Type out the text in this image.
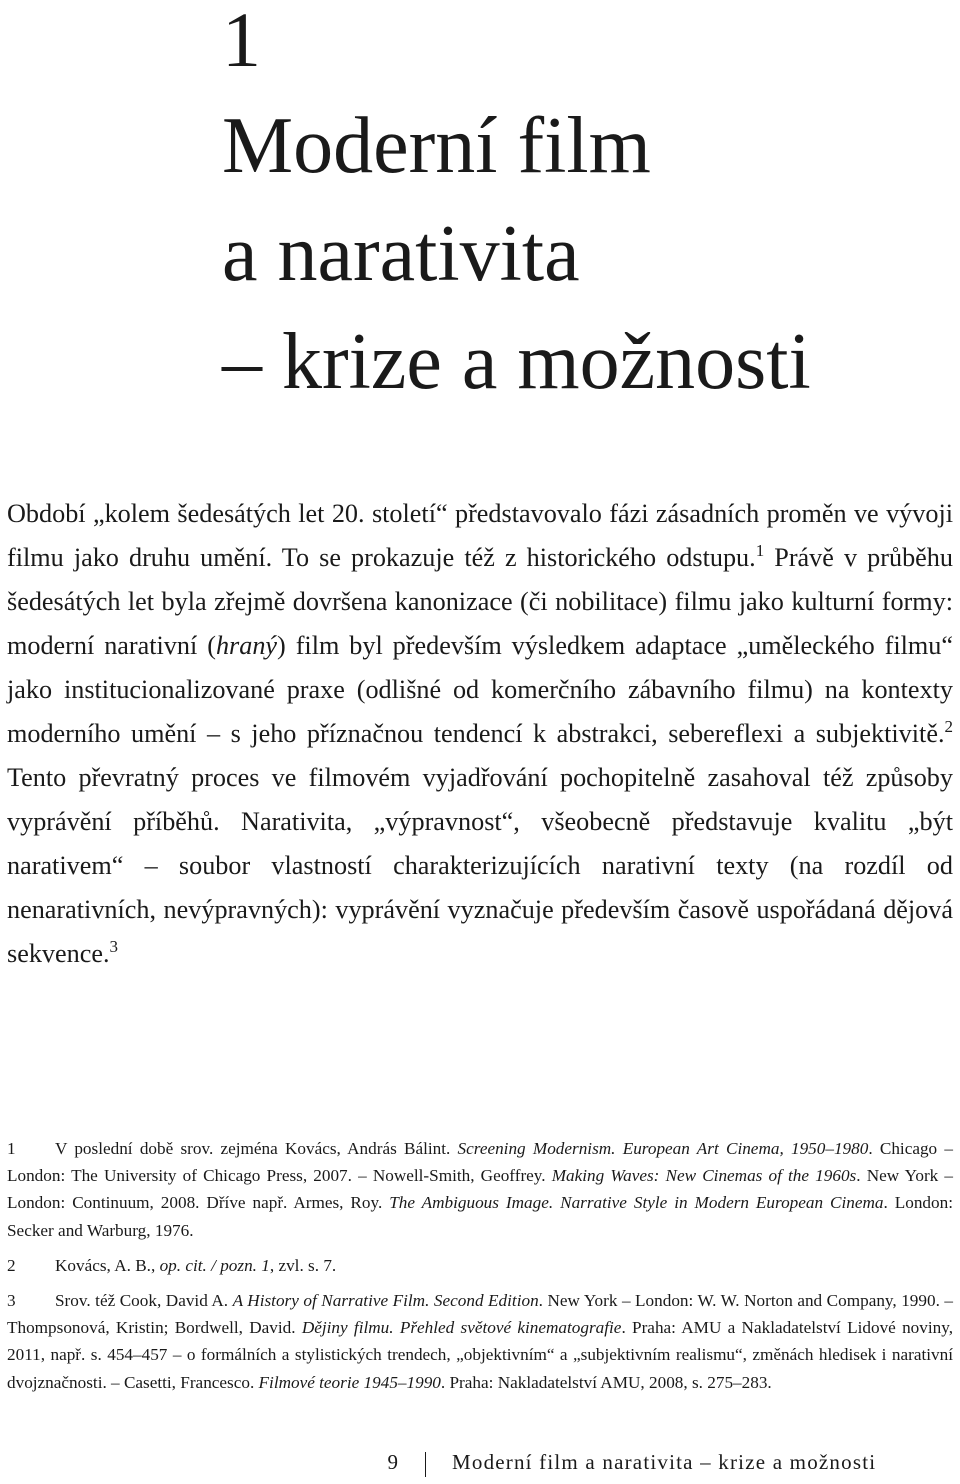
1
Moderní film
a narativita
– krize a možnosti

Období „kolem šedesátých let 20. století“ představovalo fázi zásadních proměn ve vývoji filmu jako druhu umění. To se prokazuje též z historického odstupu.$^1$ Právě v průběhu šedesátých let byla zřejmě dovršena kanonizace (či nobilitace) filmu jako kulturní formy: moderní narativní (hraný) film byl především výsledkem adaptace „uměleckého filmu“ jako institucionalizované praxe (odlišné od komerčního zábavního filmu) na kontexty moderního umění – s jeho příznačnou tendencí k abstrakci, sebereflexi a subjektivitě.$^2$ Tento převratný proces ve filmovém vyjadřování pochopitelně zasahoval též způsoby vyprávění příběhů. Narativita, „výpravnost“, všeobecně představuje kvalitu „být narativem“ – soubor vlastností charakterizujících narativní texty (na rozdíl od nenarativních, nevýpravných): vyprávění vyznačuje především časově uspořádaná dějová sekvence.$^3$

1 V poslední době srov. zejména Kovács, András Bálint. Screening Modernism. European Art Cinema, 1950–1980. Chicago – London: The University of Chicago Press, 2007. – Nowell-Smith, Geoffrey. Making Waves: New Cinemas of the 1960s. New York – London: Continuum, 2008. Dříve např. Armes, Roy. The Ambiguous Image. Narrative Style in Modern European Cinema. London: Secker and Warburg, 1976.

2 Kovács, A. B., op. cit. / pozn. 1, zvl. s. 7.

3 Srov. též Cook, David A. A History of Narrative Film. Second Edition. New York – London: W. W. Norton and Company, 1990. – Thompsonová, Kristin; Bordwell, David. Dějiny filmu. Přehled světové kinematografie. Praha: AMU a Nakladatelství Lidové noviny, 2011, např. s. 454–457 – o formálních a stylistických trendech, „objektivním“ a „subjektivním realismu“, změnách hledisek i narativní dvojznačnosti. – Casetti, Francesco. Filmové teorie 1945–1990. Praha: Nakladatelství AMU, 2008, s. 275–283.

9	Moderní film a narativita – krize a možnosti
